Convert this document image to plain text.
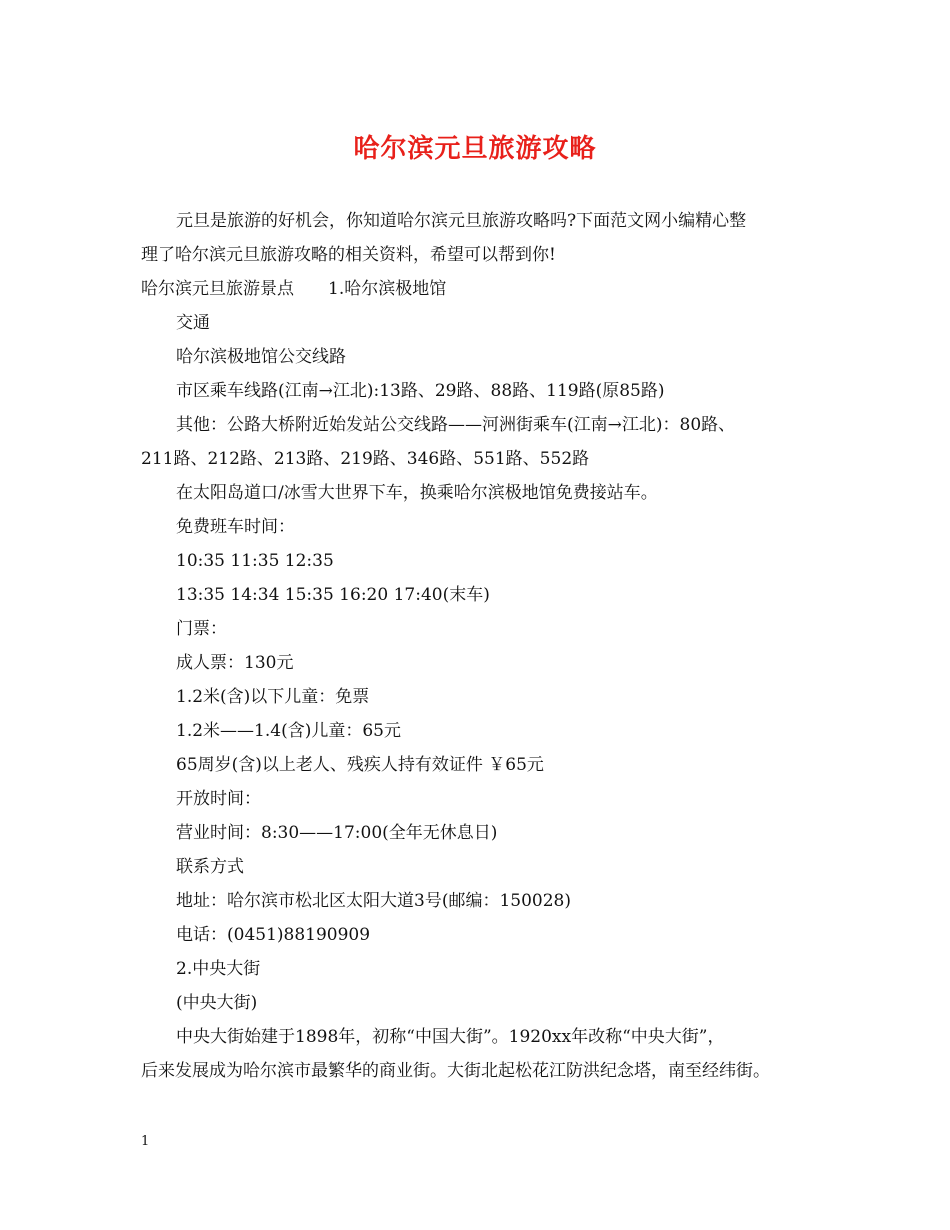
哈尔滨元旦旅游攻略
元旦是旅游的好机会，你知道哈尔滨元旦旅游攻略吗?下面范文网小编精心整
理了哈尔滨元旦旅游攻略的相关资料，希望可以帮到你!
哈尔滨元旦旅游景点 1.哈尔滨极地馆
交通
哈尔滨极地馆公交线路
市区乘车线路(江南→江北):13路、29路、88路、119路(原85路)
其他：公路大桥附近始发站公交线路——河洲街乘车(江南→江北)：80路、
211路、212路、213路、219路、346路、551路、552路
在太阳岛道口/冰雪大世界下车，换乘哈尔滨极地馆免费接站车。
免费班车时间：
10:35 11:35 12:35
13:35 14:34 15:35 16:20 17:40(末车)
门票：
成人票：130元
1.2米(含)以下儿童：免票
1.2米——1.4(含)儿童：65元
65周岁(含)以上老人、残疾人持有效证件 ￥65元
开放时间：
营业时间：8:30——17:00(全年无休息日)
联系方式
地址：哈尔滨市松北区太阳大道3号(邮编：150028)
电话：(0451)88190909
2.中央大街
(中央大街)
中央大街始建于1898年，初称“中国大街”。1920xx年改称“中央大街”，
后来发展成为哈尔滨市最繁华的商业街。大街北起松花江防洪纪念塔，南至经纬街。
1
